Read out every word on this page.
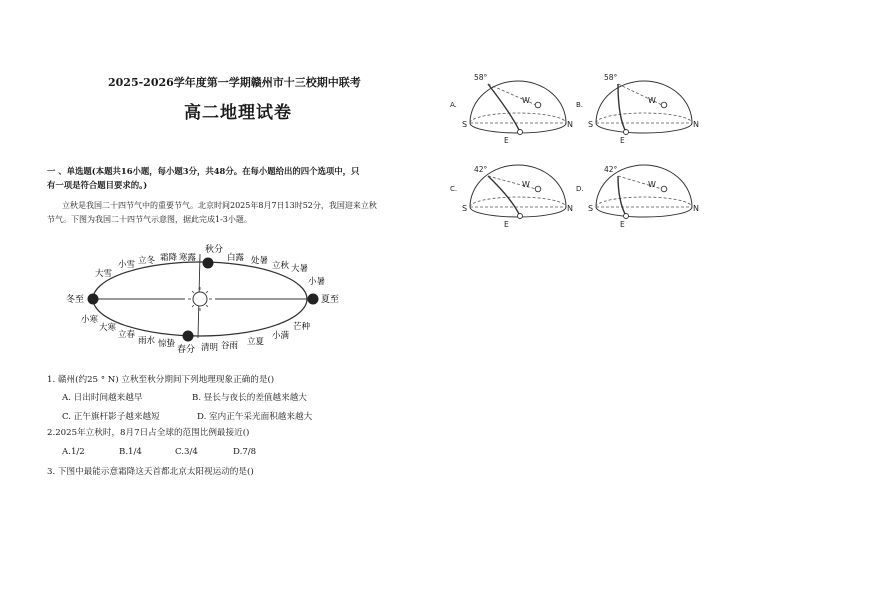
2025-2026学年度第一学期赣州市十三校期中联考
高二地理试卷
一 、单选题(本题共16小题，每小题3分，共48分。在每小题给出的四个选项中，只
有一项是符合题目要求的。)
立秋是我国二十四节气中的重要节气。北京时间2025年8月7日13时52分，我国迎来立秋
节气。下图为我国二十四节气示意图，据此完成1-3小题。
秋分
春分
冬至	夏至
大雪
小雪 立冬 霜降 寒露	白露 处暑 立秋 大暑
小暑
小寒
大寒
立春
雨水 惊蛰	清明 谷雨 立夏
小满
芒种
1. 赣州(约25 ° N) 立秋至秋分期间下列地理现象正确的是()
A. 日出时间越来越早	B. 昼长与夜长的差值越来越大
C. 正午旗杆影子越来越短	D. 室内正午采光面积越来越大
2.2025年立秋时，8月7日占全球的范围比例最接近()
A.1/2	B.1/4	C.3/4	D.7/8
3. 下图中最能示意霜降这天首都北京太阳视运动的是()
A.
58°
W
S	N
E
B.
58°
W
S	N
E
C.
42°
W
S	N
E
D.
42°
W
S	N
E
